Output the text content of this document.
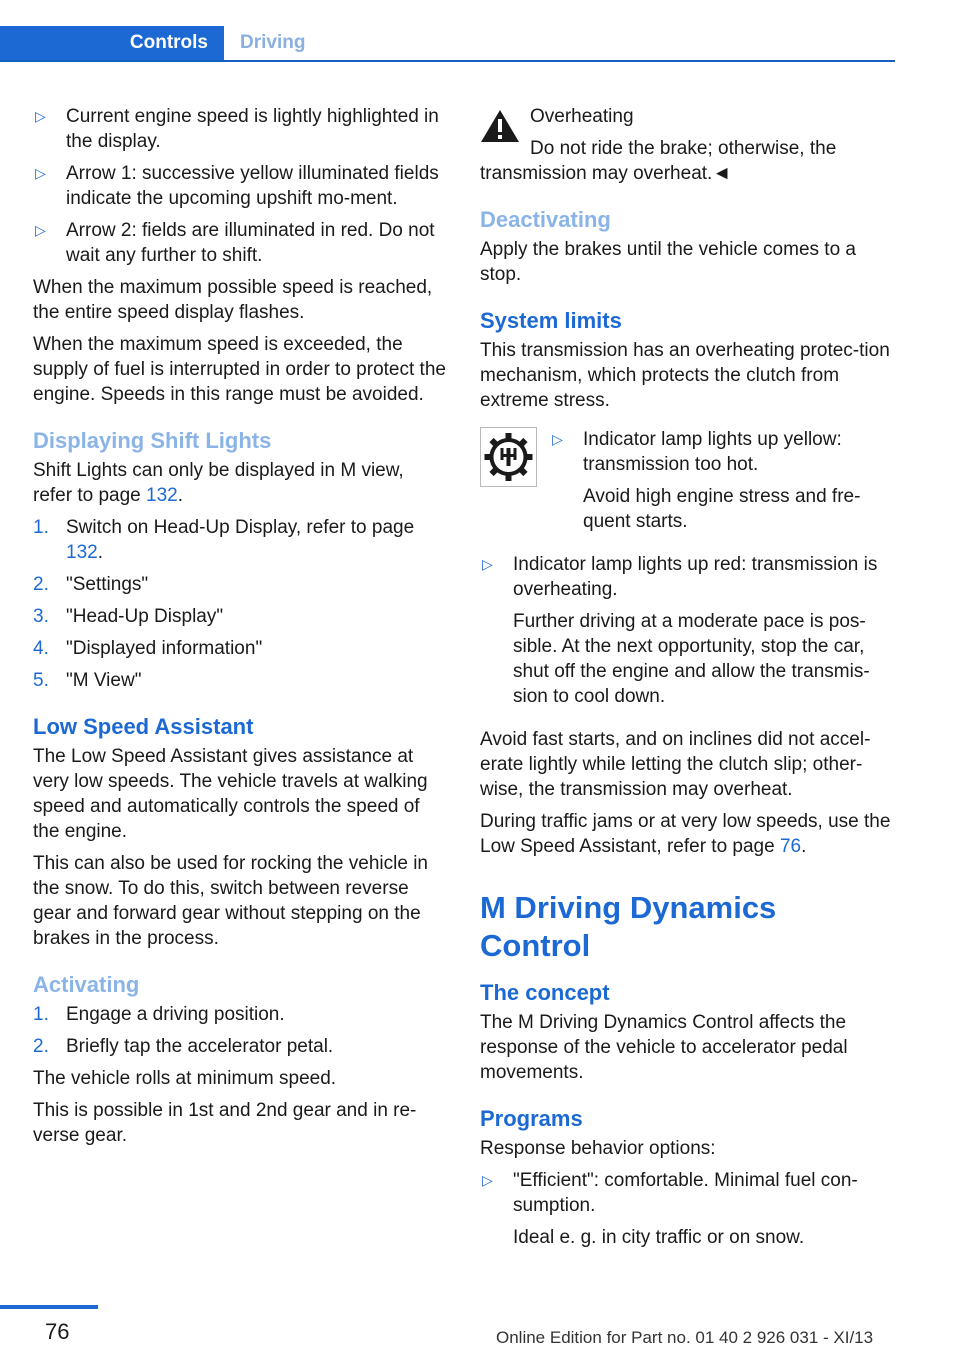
Controls	Driving
▷ Current engine speed is lightly highlighted in the display.
▷ Arrow 1: successive yellow illuminated fields indicate the upcoming upshift mo-ment.
▷ Arrow 2: fields are illuminated in red. Do not wait any further to shift.

When the maximum possible speed is reached, the entire speed display flashes.

When the maximum speed is exceeded, the supply of fuel is interrupted in order to protect the engine. Speeds in this range must be avoided.

Displaying Shift Lights

Shift Lights can only be displayed in M view, refer to page 132.

1. Switch on Head-Up Display, refer to page 132.
2. "Settings"
3. "Head-Up Display"
4. "Displayed information"
5. "M View"
Low Speed Assistant

The Low Speed Assistant gives assistance at very low speeds. The vehicle travels at walking speed and automatically controls the speed of the engine.

This can also be used for rocking the vehicle in the snow. To do this, switch between reverse gear and forward gear without stepping on the brakes in the process.

Activating
1. Engage a driving position.
2. Briefly tap the accelerator petal.

The vehicle rolls at minimum speed.

This is possible in 1st and 2nd gear and in re-verse gear.

Overheating

Do not ride the brake; otherwise, the transmission may overheat.◄

Deactivating

Apply the brakes until the vehicle comes to a stop.

System limits

This transmission has an overheating protec-tion mechanism, which protects the clutch from extreme stress.

▷ Indicator lamp lights up yellow: transmission too hot.
Avoid high engine stress and fre-quent starts.
▷ Indicator lamp lights up red: transmission is overheating.
Further driving at a moderate pace is pos-sible. At the next opportunity, stop the car, shut off the engine and allow the transmis-sion to cool down.

Avoid fast starts, and on inclines did not accel-erate lightly while letting the clutch slip; other-wise, the transmission may overheat.

During traffic jams or at very low speeds, use the Low Speed Assistant, refer to page 76.

M Driving Dynamics Control
The concept

The M Driving Dynamics Control affects the response of the vehicle to accelerator pedal movements.

Programs

Response behavior options:

▷ "Efficient": comfortable. Minimal fuel con-sumption.
Ideal e. g. in city traffic or on snow.
76	Online Edition for Part no. 01 40 2 926 031 - XI/13
